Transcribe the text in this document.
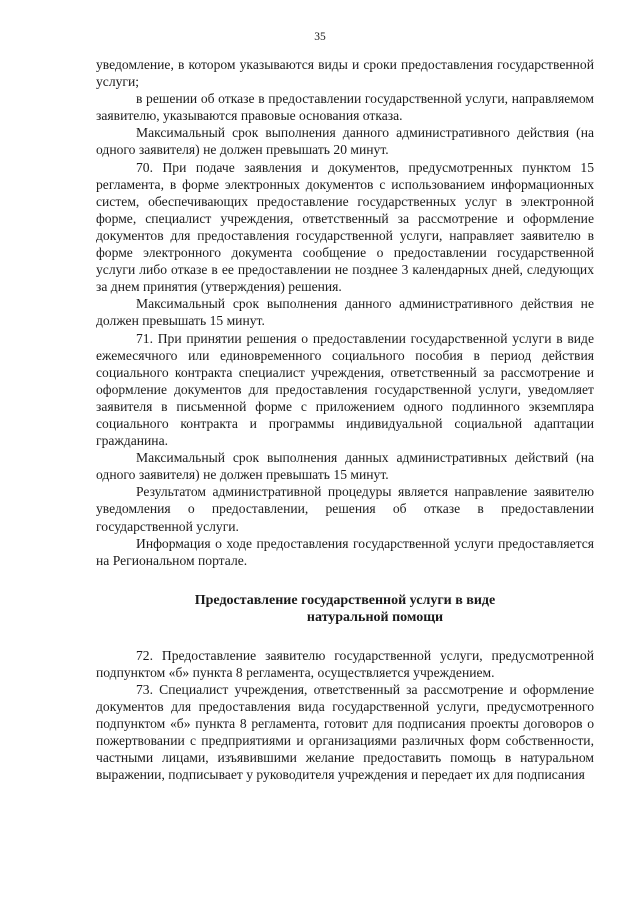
35

уведомление, в котором указываются виды и сроки предоставления государственной услуги;

в решении об отказе в предоставлении государственной услуги, направляемом заявителю, указываются правовые основания отказа.

Максимальный срок выполнения данного административного действия (на одного заявителя) не должен превышать 20 минут.

70. При подаче заявления и документов, предусмотренных пунктом 15 регламента, в форме электронных документов с использованием информационных систем, обеспечивающих предоставление государственных услуг в электронной форме, специалист учреждения, ответственный за рассмотрение и оформление документов для предоставления государственной услуги, направляет заявителю в форме электронного документа сообщение о предоставлении государственной услуги либо отказе в ее предоставлении не позднее 3 календарных дней, следующих за днем принятия (утверждения) решения.

Максимальный срок выполнения данного административного действия не должен превышать 15 минут.

71. При принятии решения о предоставлении государственной услуги в виде ежемесячного или единовременного социального пособия в период действия социального контракта специалист учреждения, ответственный за рассмотрение и оформление документов для предоставления государственной услуги, уведомляет заявителя в письменной форме с приложением одного подлинного экземпляра социального контракта и программы индивидуальной социальной адаптации гражданина.

Максимальный срок выполнения данных административных действий (на одного заявителя) не должен превышать 15 минут.

Результатом административной процедуры является направление заявителю уведомления о предоставлении, решения об отказе в предоставлении государственной услуги.

Информация о ходе предоставления государственной услуги предоставляется на Региональном портале.

Предоставление государственной услуги в виде
натуральной помощи

72. Предоставление заявителю государственной услуги, предусмотренной подпунктом «б» пункта 8 регламента, осуществляется учреждением.

73. Специалист учреждения, ответственный за рассмотрение и оформление документов для предоставления вида государственной услуги, предусмотренного подпунктом «б» пункта 8 регламента, готовит для подписания проекты договоров о пожертвовании с предприятиями и организациями различных форм собственности, частными лицами, изъявившими желание предоставить помощь в натуральном выражении, подписывает у руководителя учреждения и передает их для подписания
